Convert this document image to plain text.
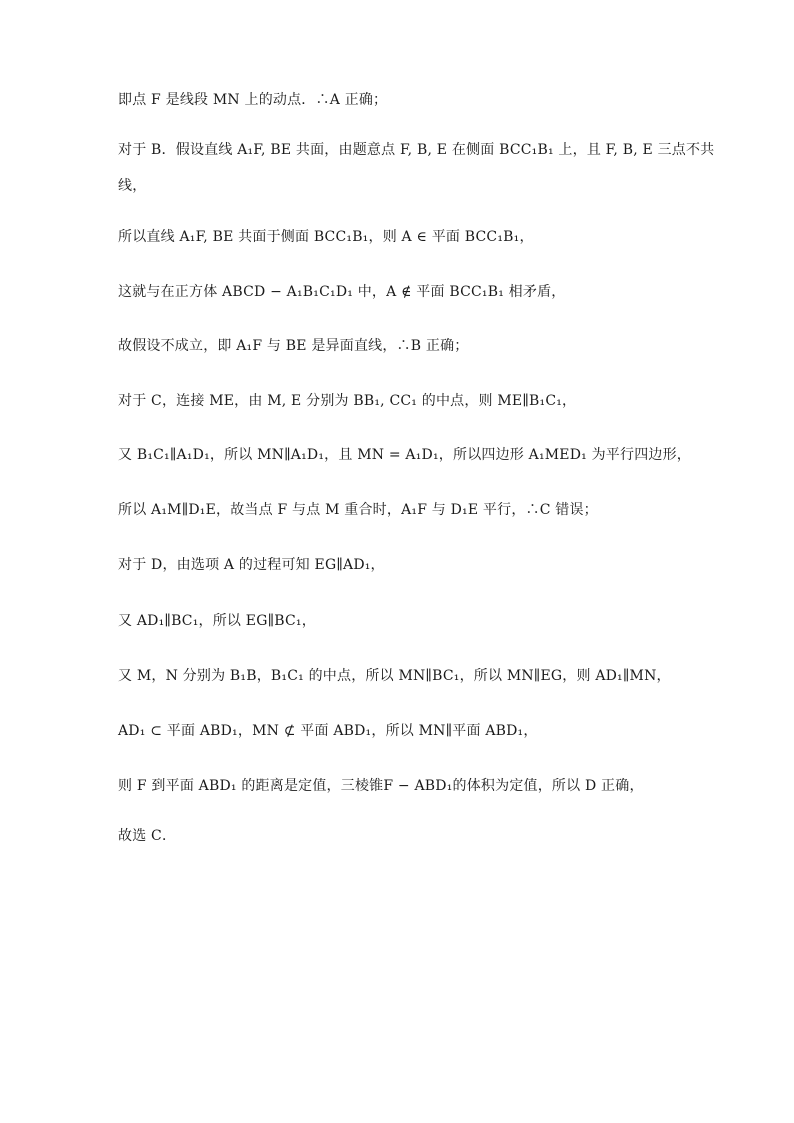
即点 F 是线段 MN 上的动点．∴A 正确；
对于 B．假设直线 A₁F, BE 共面，由题意点 F, B, E 在侧面 BCC₁B₁ 上，且 F, B, E 三点不共
线，
所以直线 A₁F, BE 共面于侧面 BCC₁B₁，则 A ∈ 平面 BCC₁B₁，
这就与在正方体 ABCD − A₁B₁C₁D₁ 中，A ∉ 平面 BCC₁B₁ 相矛盾，
故假设不成立，即 A₁F 与 BE 是异面直线，∴B 正确；
对于 C，连接 ME，由 M, E 分别为 BB₁, CC₁ 的中点，则 ME∥B₁C₁，
又 B₁C₁∥A₁D₁，所以 MN∥A₁D₁，且 MN = A₁D₁，所以四边形 A₁MED₁ 为平行四边形，
所以 A₁M∥D₁E，故当点 F 与点 M 重合时，A₁F 与 D₁E 平行，∴C 错误；
对于 D，由选项 A 的过程可知 EG∥AD₁，
又 AD₁∥BC₁，所以 EG∥BC₁，
又 M，N 分别为 B₁B，B₁C₁ 的中点，所以 MN∥BC₁，所以 MN∥EG，则 AD₁∥MN，
AD₁ ⊂ 平面 ABD₁，MN ⊄ 平面 ABD₁，所以 MN∥平面 ABD₁，
则 F 到平面 ABD₁ 的距离是定值，三棱锥F − ABD₁的体积为定值，所以 D 正确，
故选 C．
